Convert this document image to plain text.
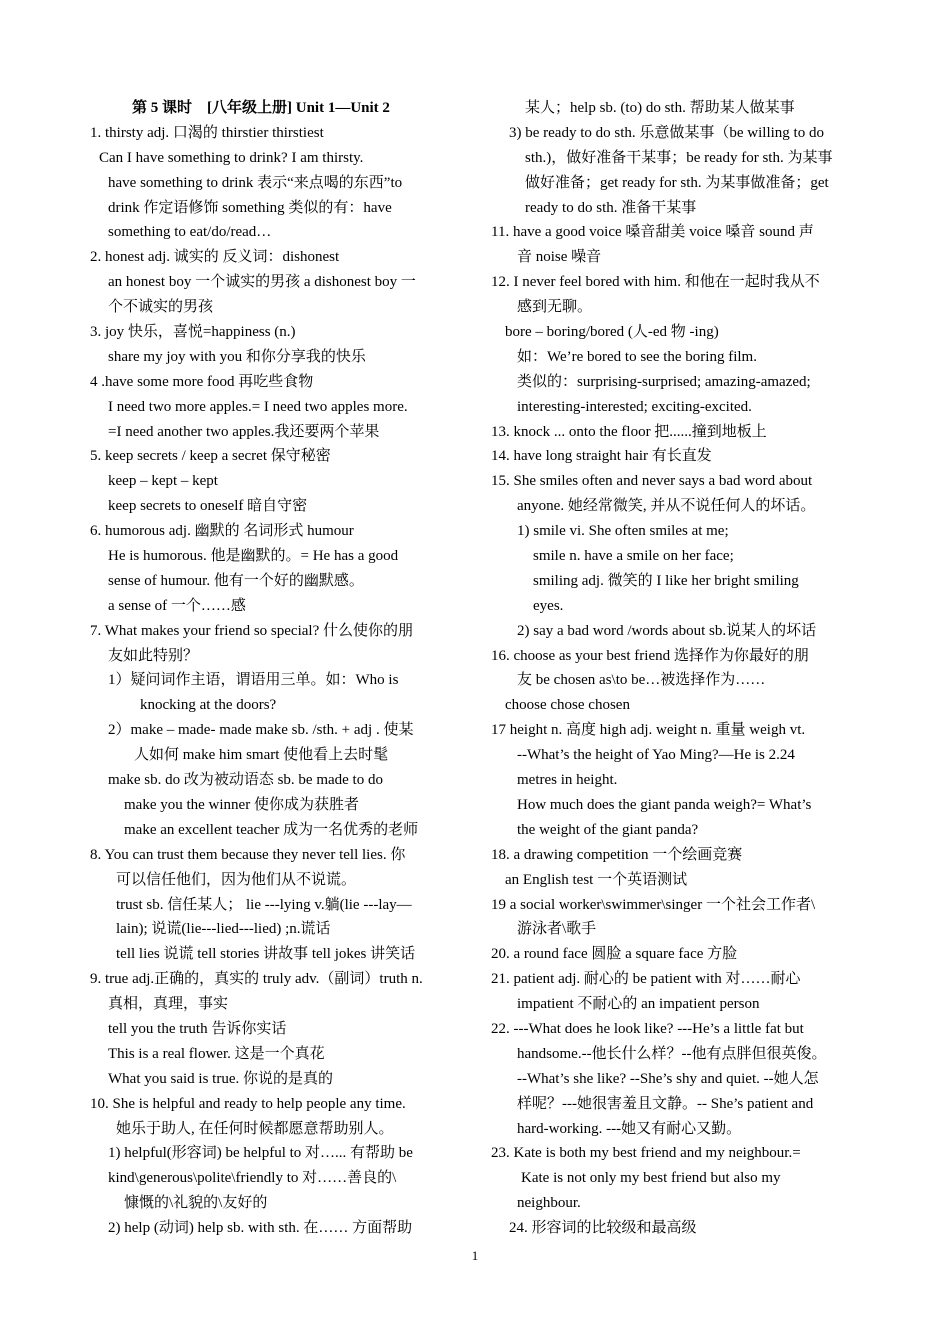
第 5 课时　[八年级上册] Unit 1—Unit 2
1. thirsty adj. 口渴的 thirstier thirstiest
Can I have something to drink? I am thirsty.
have something to drink 表示“来点喝的东西”to
drink 作定语修饰 something 类似的有：have
something to eat/do/read…
2. honest adj. 诚实的 反义词：dishonest
an honest boy 一个诚实的男孩 a dishonest boy 一
个不诚实的男孩
3. joy 快乐，喜悦=happiness (n.)
share my joy with you 和你分享我的快乐
4 .have some more food 再吃些食物
I need two more apples.= I need two apples more.
=I need another two apples.我还要两个苹果
5. keep secrets / keep a secret 保守秘密
keep – kept – kept
keep secrets to oneself 暗自守密
6. humorous adj. 幽默的 名词形式 humour
He is humorous. 他是幽默的。= He has a good
sense of humour. 他有一个好的幽默感。
a sense of 一个……感
7. What makes your friend so special? 什么使你的朋
友如此特别？
1）疑问词作主语，谓语用三单。如：Who is
knocking at the doors?
2）make – made- made make sb. /sth. + adj . 使某
人如何 make him smart 使他看上去时髦
make sb. do 改为被动语态 sb. be made to do
make you the winner 使你成为获胜者
make an excellent teacher 成为一名优秀的老师
8. You can trust them because they never tell lies. 你
可以信任他们，因为他们从不说谎。
trust sb. 信任某人； lie ---lying v.躺(lie ---lay—
lain); 说谎(lie---lied---lied) ;n.谎话
tell lies 说谎 tell stories 讲故事 tell jokes 讲笑话
9. true adj.正确的，真实的 truly adv.（副词）truth n.
真相，真理，事实
tell you the truth 告诉你实话
This is a real flower. 这是一个真花
What you said is true. 你说的是真的
10. She is helpful and ready to help people any time.
她乐于助人, 在任何时候都愿意帮助别人。
1) helpful(形容词) be helpful to 对…... 有帮助 be
kind\generous\polite\friendly to 对……善良的\
慷慨的\礼貌的\友好的
2) help (动词) help sb. with sth. 在…… 方面帮助
某人；help sb. (to) do sth. 帮助某人做某事
3) be ready to do sth. 乐意做某事（be willing to do
sth.)，做好准备干某事；be ready for sth. 为某事
做好准备；get ready for sth. 为某事做准备；get
ready to do sth. 准备干某事
11. have a good voice 嗓音甜美 voice 嗓音 sound 声
音 noise 噪音
12. I never feel bored with him. 和他在一起时我从不
感到无聊。
bore – boring/bored (人-ed 物 -ing)
如：We’re bored to see the boring film.
类似的：surprising-surprised; amazing-amazed;
interesting-interested; exciting-excited.
13. knock ... onto the floor 把......撞到地板上
14. have long straight hair 有长直发
15. She smiles often and never says a bad word about
anyone. 她经常微笑, 并从不说任何人的坏话。
1) smile vi. She often smiles at me;
smile n. have a smile on her face;
smiling adj. 微笑的 I like her bright smiling
eyes.
2) say a bad word /words about sb.说某人的坏话
16. choose as your best friend 选择作为你最好的朋
友 be chosen as\to be…被选择作为……
choose chose chosen
17 height n. 高度 high adj. weight n. 重量 weigh vt.
--What’s the height of Yao Ming?—He is 2.24
metres in height.
How much does the giant panda weigh?= What’s
the weight of the giant panda?
18. a drawing competition 一个绘画竞赛
an English test 一个英语测试
19 a social worker\swimmer\singer 一个社会工作者\
游泳者\歌手
20. a round face 圆脸 a square face 方脸
21. patient adj. 耐心的 be patient with 对……耐心
impatient 不耐心的 an impatient person
22. ---What does he look like? ---He’s a little fat but
handsome.--他长什么样？--他有点胖但很英俊。
--What’s she like? --She’s shy and quiet. --她人怎
样呢？---她很害羞且文静。-- She’s patient and
hard-working. ---她又有耐心又勤。
23. Kate is both my best friend and my neighbour.=
Kate is not only my best friend but also my
neighbour.
24. 形容词的比较级和最高级
1
